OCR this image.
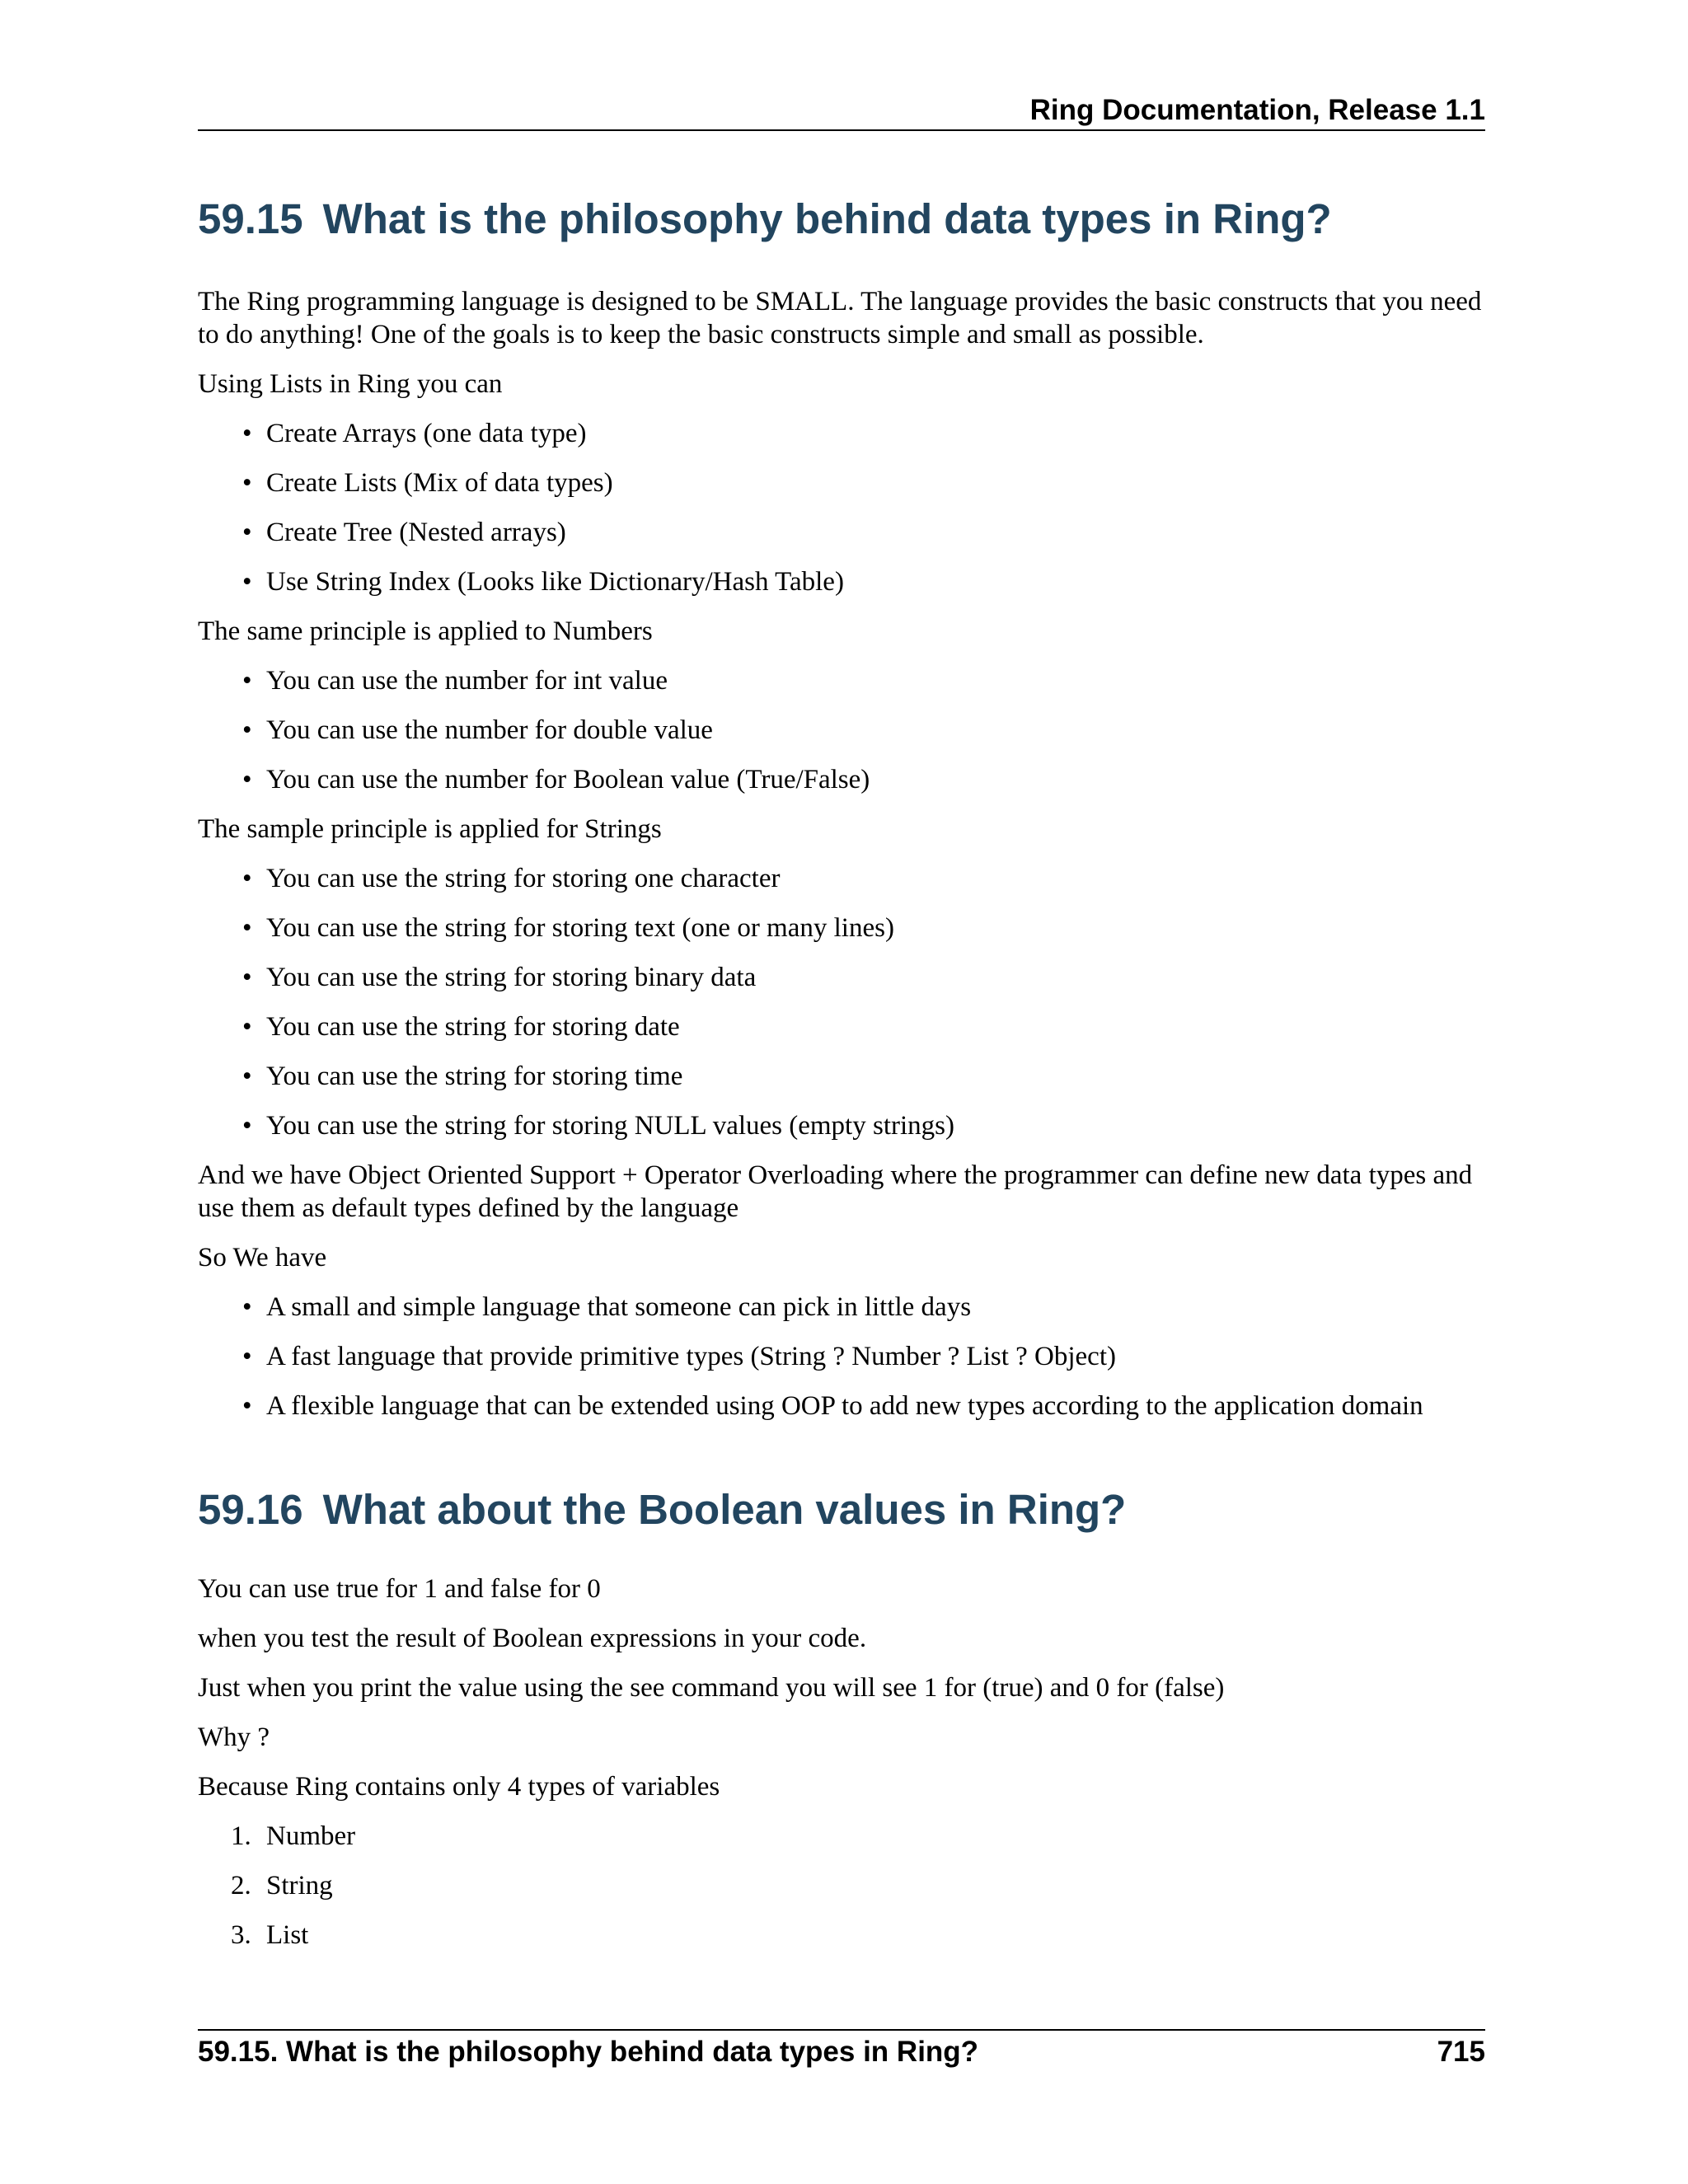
Ring Documentation, Release 1.1
59.15 What is the philosophy behind data types in Ring?

The Ring programming language is designed to be SMALL. The language provides the basic constructs that you need to do anything! One of the goals is to keep the basic constructs simple and small as possible.

Using Lists in Ring you can

• Create Arrays (one data type)
• Create Lists (Mix of data types)
• Create Tree (Nested arrays)
• Use String Index (Looks like Dictionary/Hash Table)

The same principle is applied to Numbers

• You can use the number for int value
• You can use the number for double value
• You can use the number for Boolean value (True/False)

The sample principle is applied for Strings

• You can use the string for storing one character
• You can use the string for storing text (one or many lines)
• You can use the string for storing binary data
• You can use the string for storing date
• You can use the string for storing time
• You can use the string for storing NULL values (empty strings)

And we have Object Oriented Support + Operator Overloading where the programmer can define new data types and use them as default types defined by the language

So We have

• A small and simple language that someone can pick in little days
• A fast language that provide primitive types (String ? Number ? List ? Object)
• A flexible language that can be extended using OOP to add new types according to the application domain
59.16 What about the Boolean values in Ring?

You can use true for 1 and false for 0

when you test the result of Boolean expressions in your code.

Just when you print the value using the see command you will see 1 for (true) and 0 for (false)

Why ?

Because Ring contains only 4 types of variables

1. Number
2. String
3. List
59.15. What is the philosophy behind data types in Ring?	715
